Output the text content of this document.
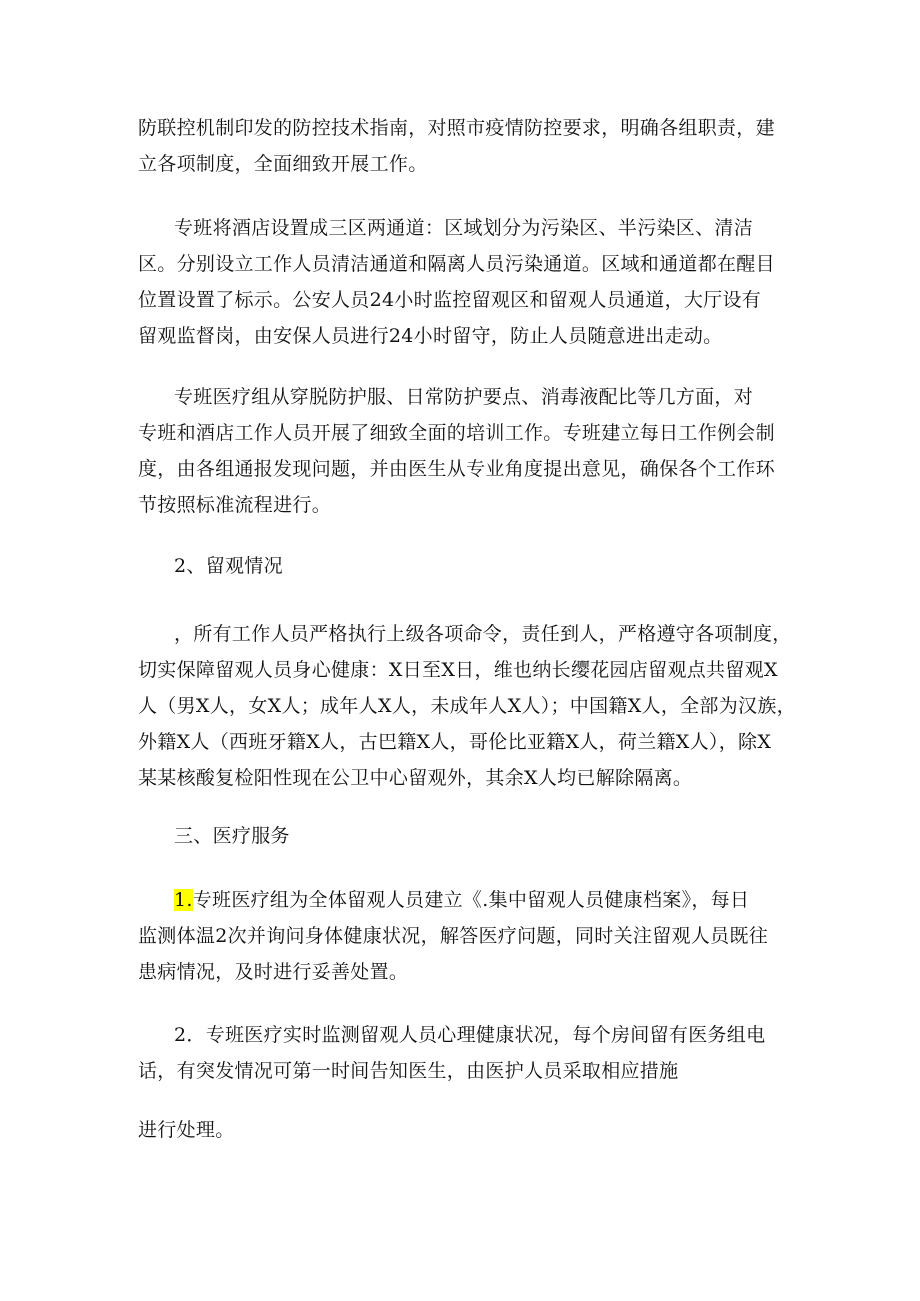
防联控机制印发的防控技术指南，对照市疫情防控要求，明确各组职责，建
立各项制度，全面细致开展工作。
专班将酒店设置成三区两通道：区域划分为污染区、半污染区、清洁
区。分别设立工作人员清洁通道和隔离人员污染通道。区域和通道都在醒目
位置设置了标示。公安人员24小时监控留观区和留观人员通道，大厅设有
留观监督岗，由安保人员进行24小时留守，防止人员随意进出走动。
专班医疗组从穿脱防护服、日常防护要点、消毒液配比等几方面，对
专班和酒店工作人员开展了细致全面的培训工作。专班建立每日工作例会制
度，由各组通报发现问题，并由医生从专业角度提出意见，确保各个工作环
节按照标准流程进行。
2、留观情况
，所有工作人员严格执行上级各项命令，责任到人，严格遵守各项制度，
切实保障留观人员身心健康：X日至X日，维也纳长缨花园店留观点共留观X
人（男X人，女X人；成年人X人，未成年人X人）；中国籍X人，全部为汉族，
外籍X人（西班牙籍X人，古巴籍X人，哥伦比亚籍X人，荷兰籍X人），除X
某某核酸复检阳性现在公卫中心留观外，其余X人均已解除隔离。
三、医疗服务
1.专班医疗组为全体留观人员建立《.集中留观人员健康档案》，每日
监测体温2次并询问身体健康状况，解答医疗问题，同时关注留观人员既往
患病情况，及时进行妥善处置。
2．专班医疗实时监测留观人员心理健康状况，每个房间留有医务组电
话，有突发情况可第一时间告知医生，由医护人员采取相应措施
进行处理。
